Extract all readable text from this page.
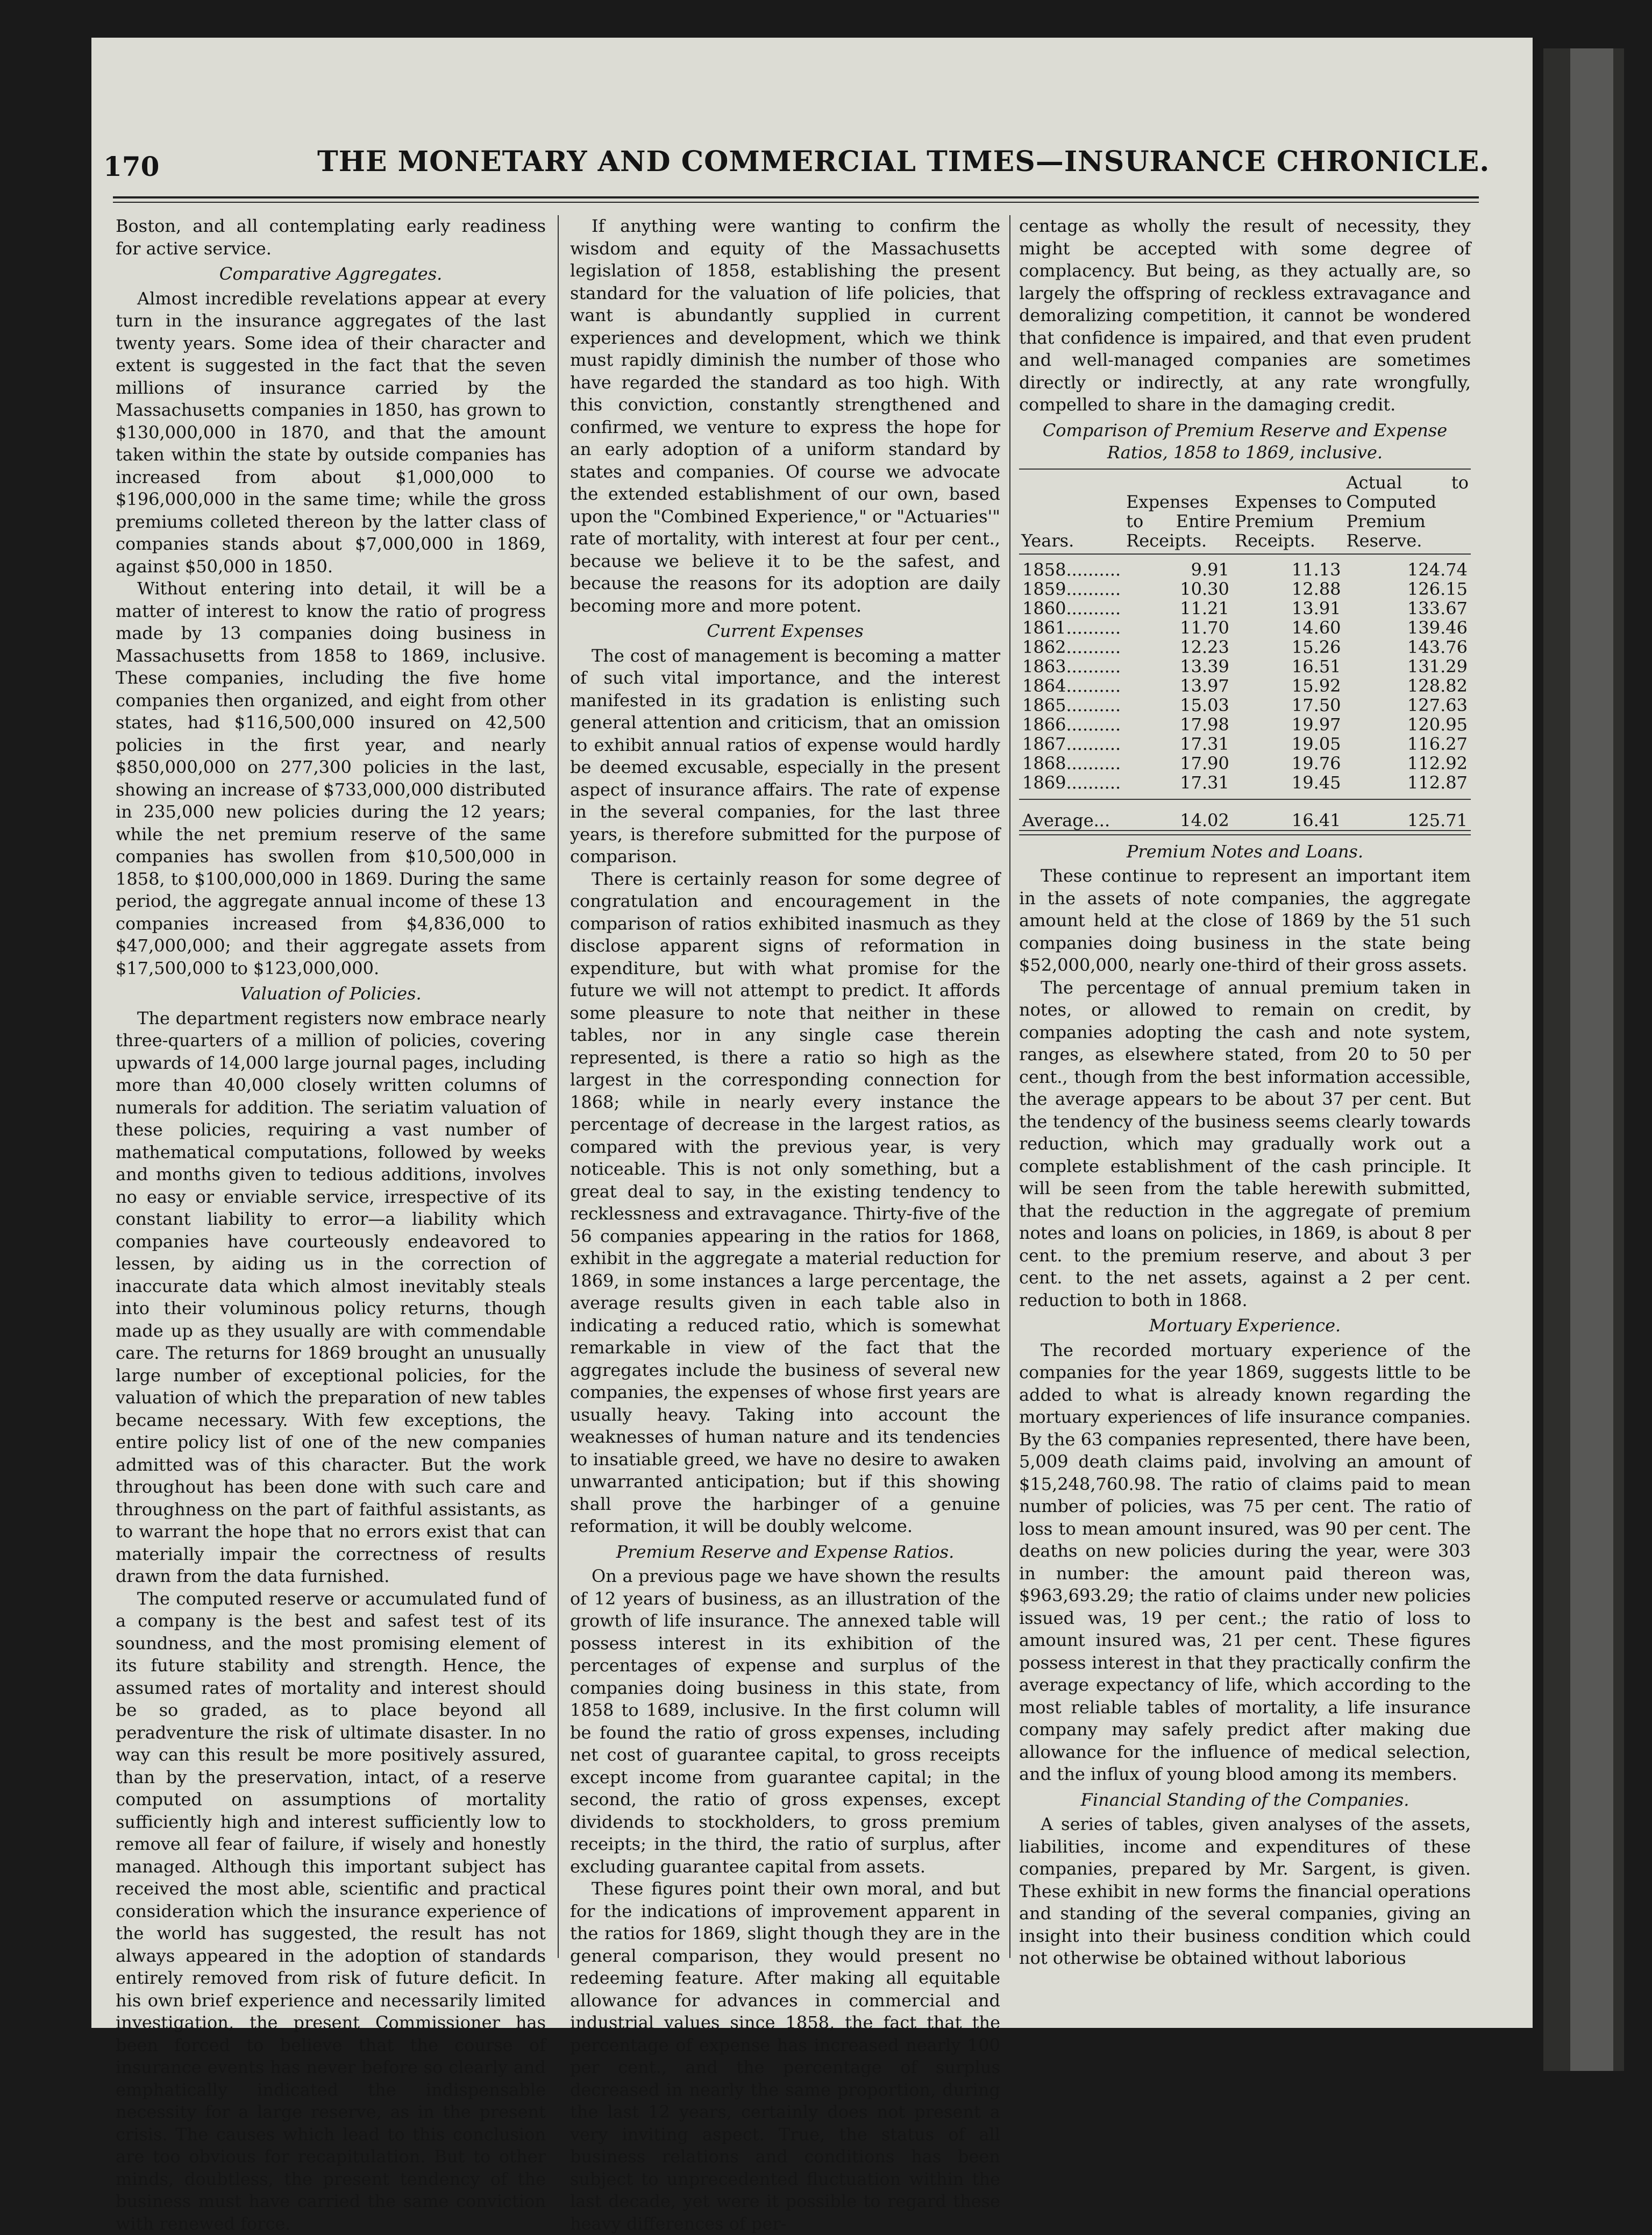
170	THE MONETARY AND COMMERCIAL TIMES—INSURANCE CHRONICLE.

Boston, and all contemplating early readiness for active service.

Comparative Aggregates.

Almost incredible revelations appear at every turn in the insurance aggregates of the last twenty years. Some idea of their character and extent is suggested in the fact that the seven millions of insurance carried by the Massachusetts companies in 1850, has grown to $130,000,000 in 1870, and that the amount taken within the state by outside companies has increased from about $1,000,000 to $196,000,000 in the same time; while the gross premiums colleted thereon by the latter class of companies stands about $7,000,000 in 1869, against $50,000 in 1850.

Without entering into detail, it will be a matter of interest to know the ratio of progress made by 13 companies doing business in Massachusetts from 1858 to 1869, inclusive. These companies, including the five home companies then organized, and eight from other states, had $116,500,000 insured on 42,500 policies in the first year, and nearly $850,000,000 on 277,300 policies in the last, showing an increase of $733,000,000 distributed in 235,000 new policies during the 12 years; while the net premium reserve of the same companies has swollen from $10,500,000 in 1858, to $100,000,000 in 1869. During the same period, the aggregate annual income of these 13 companies increased from $4,836,000 to $47,000,000; and their aggregate assets from $17,500,000 to $123,000,000.

Valuation of Policies.

The department registers now embrace nearly three-quarters of a million of policies, covering upwards of 14,000 large journal pages, including more than 40,000 closely written columns of numerals for addition. The seriatim valuation of these policies, requiring a vast number of mathematical computations, followed by weeks and months given to tedious additions, involves no easy or enviable service, irrespective of its constant liability to error—a liability which companies have courteously endeavored to lessen, by aiding us in the correction of inaccurate data which almost inevitably steals into their voluminous policy returns, though made up as they usually are with commendable care. The returns for 1869 brought an unusually large number of exceptional policies, for the valuation of which the preparation of new tables became necessary. With few exceptions, the entire policy list of one of the new companies admitted was of this character. But the work throughout has been done with such care and throughness on the part of faithful assistants, as to warrant the hope that no errors exist that can materially impair the correctness of results drawn from the data furnished.

The computed reserve or accumulated fund of a company is the best and safest test of its soundness, and the most promising element of its future stability and strength. Hence, the assumed rates of mortality and interest should be so graded, as to place beyond all peradventure the risk of ultimate disaster. In no way can this result be more positively assured, than by the preservation, intact, of a reserve computed on assumptions of mortality sufficiently high and interest sufficiently low to remove all fear of failure, if wisely and honestly managed. Although this important subject has received the most able, scientific and practical consideration which the insurance experience of the world has suggested, the result has not always appeared in the adoption of standards entirely removed from risk of future deficit. In his own brief experience and necessarily limited investigation, the present Commissioner has been forced to believe that the course of insurance events has never before so clearly and emphatically indicated the indispensable necessity for a large reserve, as in the present crisis. The causes which lead to this conclusion are too obvious for recapitulation. But to other minds, doubtless, the present tendency of the business must have carried the same conviction with renewed force.

If anything were wanting to confirm the wisdom and equity of the Massachusetts legislation of 1858, establishing the present standard for the valuation of life policies, that want is abundantly supplied in current experiences and development, which we think must rapidly diminish the number of those who have regarded the standard as too high. With this conviction, constantly strengthened and confirmed, we venture to express the hope for an early adoption of a uniform standard by states and companies. Of course we advocate the extended establishment of our own, based upon the "Combined Experience," or "Actuaries'" rate of mortality, with interest at four per cent., because we believe it to be the safest, and because the reasons for its adoption are daily becoming more and more potent.

Current Expenses

The cost of management is becoming a matter of such vital importance, and the interest manifested in its gradation is enlisting such general attention and criticism, that an omission to exhibit annual ratios of expense would hardly be deemed excusable, especially in the present aspect of insurance affairs. The rate of expense in the several companies, for the last three years, is therefore submitted for the purpose of comparison.

There is certainly reason for some degree of congratulation and encouragement in the comparison of ratios exhibited inasmuch as they disclose apparent signs of reformation in expenditure, but with what promise for the future we will not attempt to predict. It affords some pleasure to note that neither in these tables, nor in any single case therein represented, is there a ratio so high as the largest in the corresponding connection for 1868; while in nearly every instance the percentage of decrease in the largest ratios, as compared with the previous year, is very noticeable. This is not only something, but a great deal to say, in the existing tendency to recklessness and extravagance. Thirty-five of the 56 companies appearing in the ratios for 1868, exhibit in the aggregate a material reduction for 1869, in some instances a large percentage, the average results given in each table also in indicating a reduced ratio, which is somewhat remarkable in view of the fact that the aggregates include the business of several new companies, the expenses of whose first years are usually heavy. Taking into account the weaknesses of human nature and its tendencies to insatiable greed, we have no desire to awaken unwarranted anticipation; but if this showing shall prove the harbinger of a genuine reformation, it will be doubly welcome.

Premium Reserve and Expense Ratios.

On a previous page we have shown the results of 12 years of business, as an illustration of the growth of life insurance. The annexed table will possess interest in its exhibition of the percentages of expense and surplus of the companies doing business in this state, from 1858 to 1689, inclusive. In the first column will be found the ratio of gross expenses, including net cost of guarantee capital, to gross receipts except income from guarantee capital; in the second, the ratio of gross expenses, except dividends to stockholders, to gross premium receipts; in the third, the ratio of surplus, after excluding guarantee capital from assets.

These figures point their own moral, and but for the indications of improvement apparent in the ratios for 1869, slight though they are in the general comparison, they would present no redeeming feature. After making all equitable allowance for advances in commercial and industrial values since 1858, the fact that the percentage of expense has increased nearly 100 per cent., and the percentage of surplus decreased in nearly the same proportion, during the last 12 years, certainly does not present a very inviting aspect. True, the status of all business relations and conditions has been subject to unprecedented fluctuation within the last decade, yet were it possible to regard these heavy differences of per-

centage as wholly the result of necessity, they might be accepted with some degree of complacency. But being, as they actually are, so largely the offspring of reckless extravagance and demoralizing competition, it cannot be wondered that confidence is impaired, and that even prudent and well-managed companies are sometimes directly or indirectly, at any rate wrongfully, compelled to share in the damaging credit.

Comparison of Premium Reserve and Expense Ratios, 1858 to 1869, inclusive.
Years.	Expenses to Entire Receipts.	Expenses to Premium Receipts.	Actual to Computed Premium Reserve.
1858..........	9.91	11.13	124.74
1859..........	10.30	12.88	126.15
1860..........	11.21	13.91	133.67
1861..........	11.70	14.60	139.46
1862..........	12.23	15.26	143.76
1863..........	13.39	16.51	131.29
1864..........	13.97	15.92	128.82
1865..........	15.03	17.50	127.63
1866..........	17.98	19.97	120.95
1867..........	17.31	19.05	116.27
1868..........	17.90	19.76	112.92
1869..........	17.31	19.45	112.87
Average...	14.02	16.41	125.71
Premium Notes and Loans.

These continue to represent an important item in the assets of note companies, the aggregate amount held at the close of 1869 by the 51 such companies doing business in the state being $52,000,000, nearly one-third of their gross assets.

The percentage of annual premium taken in notes, or allowed to remain on credit, by companies adopting the cash and note system, ranges, as elsewhere stated, from 20 to 50 per cent., though from the best information accessible, the average appears to be about 37 per cent. But the tendency of the business seems clearly towards reduction, which may gradually work out a complete establishment of the cash principle. It will be seen from the table herewith submitted, that the reduction in the aggregate of premium notes and loans on policies, in 1869, is about 8 per cent. to the premium reserve, and about 3 per cent. to the net assets, against a 2 per cent. reduction to both in 1868.

Mortuary Experience.

The recorded mortuary experience of the companies for the year 1869, suggests little to be added to what is already known regarding the mortuary experiences of life insurance companies. By the 63 companies represented, there have been, 5,009 death claims paid, involving an amount of $15,248,760.98. The ratio of claims paid to mean number of policies, was 75 per cent. The ratio of loss to mean amount insured, was 90 per cent. The deaths on new policies during the year, were 303 in number: the amount paid thereon was, $963,693.29; the ratio of claims under new policies issued was, 19 per cent.; the ratio of loss to amount insured was, 21 per cent. These figures possess interest in that they practically confirm the average expectancy of life, which according to the most reliable tables of mortality, a life insurance company may safely predict after making due allowance for the influence of medical selection, and the influx of young blood among its members.

Financial Standing of the Companies.

A series of tables, given analyses of the assets, liabilities, income and expenditures of these companies, prepared by Mr. Sargent, is given. These exhibit in new forms the financial operations and standing of the several companies, giving an insight into their business condition which could not otherwise be obtained without laborious
